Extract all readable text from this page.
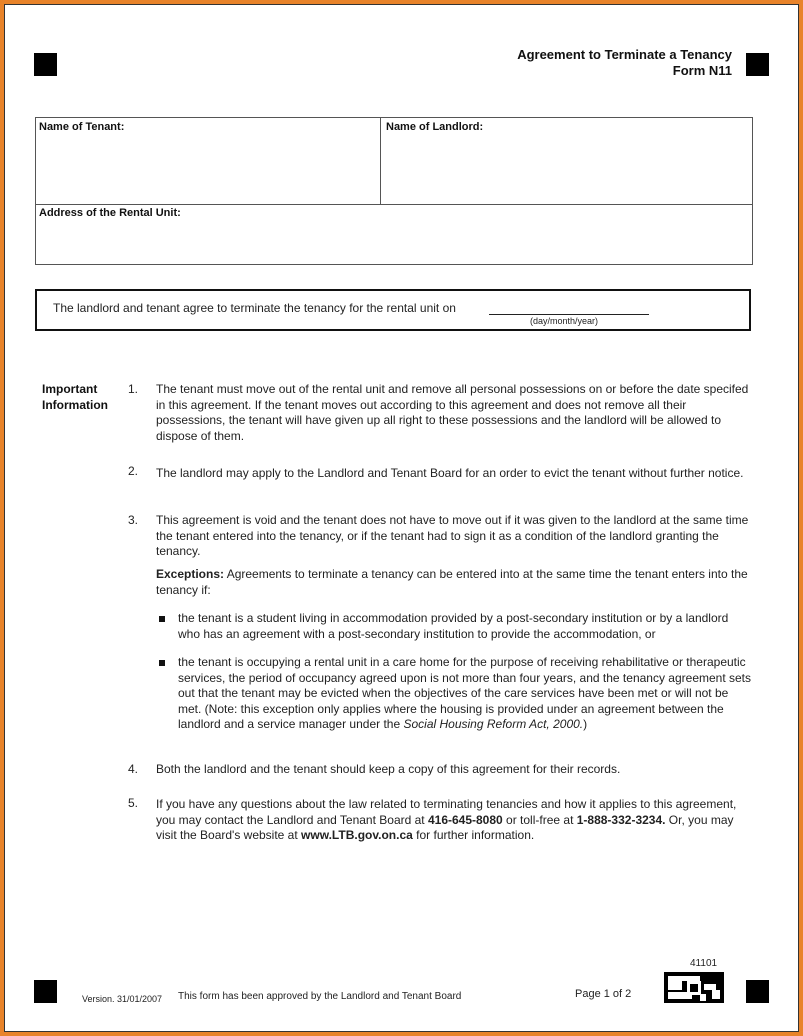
Agreement to Terminate a Tenancy
Form N11
Name of Tenant:	Name of Landlord:
Address of the Rental Unit:
The landlord and tenant agree to terminate the tenancy for the rental unit on
(day/month/year)
Important
Information
1. The tenant must move out of the rental unit and remove all personal possessions on or before the date specifed in this agreement. If the tenant moves out according to this agreement and does not remove all their possessions, the tenant will have given up all right to these possessions and the landlord will be allowed to dispose of them.
2. The landlord may apply to the Landlord and Tenant Board for an order to evict the tenant without further notice.
3. This agreement is void and the tenant does not have to move out if it was given to the landlord at the same time the tenant entered into the tenancy, or if the tenant had to sign it as a condition of the landlord granting the tenancy.
Exceptions: Agreements to terminate a tenancy can be entered into at the same time the tenant enters into the tenancy if:
the tenant is a student living in accommodation provided by a post-secondary institution or by a landlord who has an agreement with a post-secondary institution to provide the accommodation, or
the tenant is occupying a rental unit in a care home for the purpose of receiving rehabilitative or therapeutic services, the period of occupancy agreed upon is not more than four years, and the tenancy agreement sets out that the tenant may be evicted when the objectives of the care services have been met or will not be met. (Note: this exception only applies where the housing is provided under an agreement between the landlord and a service manager under the Social Housing Reform Act, 2000.)
4. Both the landlord and the tenant should keep a copy of this agreement for their records.
5. If you have any questions about the law related to terminating tenancies and how it applies to this agreement, you may contact the Landlord and Tenant Board at 416-645-8080 or toll-free at 1-888-332-3234. Or, you may visit the Board's website at www.LTB.gov.on.ca for further information.
Version. 31/01/2007 This form has been approved by the Landlord and Tenant Board	Page 1 of 2
41101
